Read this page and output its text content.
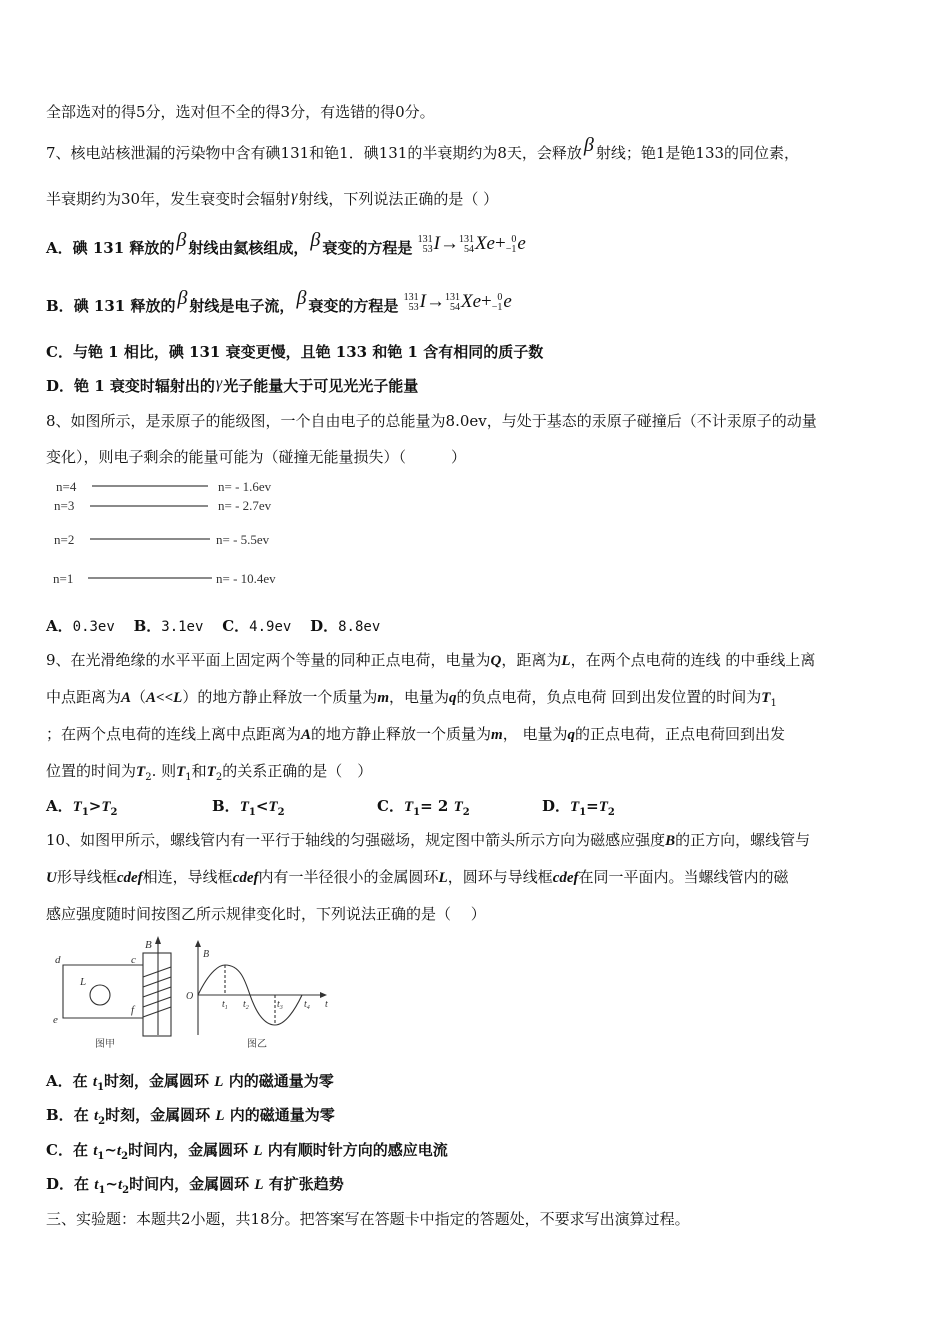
全部选对的得5分，选对但不全的得3分，有选错的得0分。
7、核电站核泄漏的污染物中含有碘131和铯1．碘131的半衰期约为8天，会释放 β 射线；铯1是铯133的同位素，
半衰期约为30年，发生衰变时会辐射γ射线，下列说法正确的是（ ）
A．碘 131 释放的 β 射线由氦核组成， β 衰变的方程是 131
53 I→ 131
54 Xe+ 0
−1 e
B．碘 131 释放的 β 射线是电子流， β 衰变的方程是 131
53 I→ 131
54 Xe+ 0
−1 e
C．与铯 1 相比，碘 131 衰变更慢，且铯 133 和铯 1 含有相同的质子数
D．铯 1 衰变时辐射出的γ光子能量大于可见光光子能量
8、如图所示，是汞原子的能级图，一个自由电子的总能量为8.0ev，与处于基态的汞原子碰撞后（不计汞原子的动量
变化），则电子剩余的能量可能为（碰撞无能量损失）（　　　）
n=4	n= - 1.6ev
n=3	n= - 2.7ev
n=2	n= - 5.5ev
n=1	n= - 10.4ev
A．0.3ev B．3.1ev C．4.9ev D．8.8ev
9、在光滑绝缘的水平平面上固定两个等量的同种正点电荷，电量为Q，距离为L，在两个点电荷的连线 的中垂线上离
中点距离为A（A<<L）的地方静止释放一个质量为m，电量为q的负点电荷，负点电荷 回到出发位置的时间为$T_1$
；在两个点电荷的连线上离中点距离为A的地方静止释放一个质量为m， 电量为q的正点电荷，正点电荷回到出发
位置的时间为$T_2$. 则$T_1$和$T_2$的关系正确的是（　）
A．$T_1>T_2$	B．$T_1<T_2$	C．$T_1= 2$ $T_2$	D．$T_1=T_2$
10、如图甲所示，螺线管内有一平行于轴线的匀强磁场，规定图中箭头所示方向为磁感应强度B的正方向，螺线管与
U形导线框cdef相连，导线框cdef内有一半径很小的金属圆环L，圆环与导线框cdef在同一平面内。当螺线管内的磁
感应强度随时间按图乙所示规律变化时，下列说法正确的是（　 ）
d	c
e
f
L
B
图甲
B
O
t
$t_1$ $t_2$	$t_3$ $t_4$
图乙
A．在 $t_1$时刻，金属圆环 L 内的磁通量为零
B．在 $t_2$时刻，金属圆环 L 内的磁通量为零
C．在 $t_1\sim t_2$时间内，金属圆环 L 内有顺时针方向的感应电流
D．在 $t_1\sim t_2$时间内，金属圆环 L 有扩张趋势
三、实验题：本题共2小题，共18分。把答案写在答题卡中指定的答题处，不要求写出演算过程。
